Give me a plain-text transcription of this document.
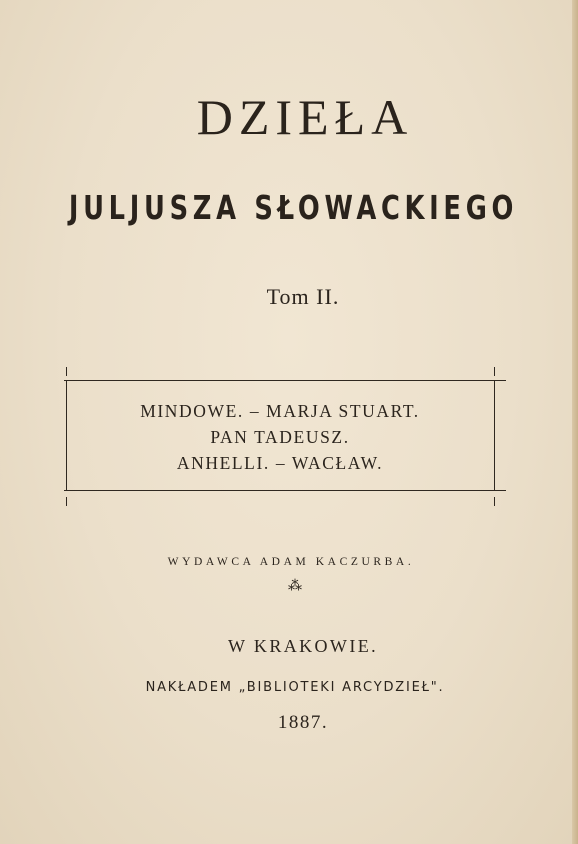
DZIEŁA
JULJUSZA SŁOWACKIEGO
Tom II.
MINDOWE. – MARJA STUART.
PAN TADEUSZ.
ANHELLI. – WACŁAW.
WYDAWCA ADAM KACZURBA.
⁂
W KRAKOWIE.
NAKŁADEM „BIBLIOTEKI ARCYDZIEŁ".
1887.
